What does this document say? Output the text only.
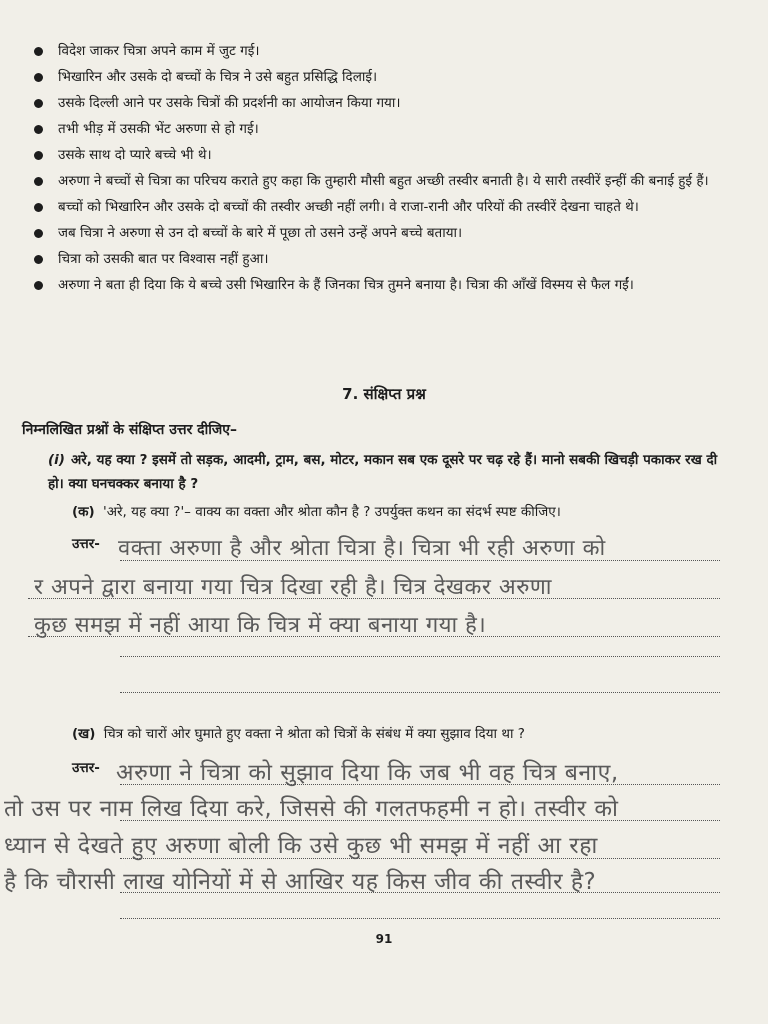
विदेश जाकर चित्रा अपने काम में जुट गई।
भिखारिन और उसके दो बच्चों के चित्र ने उसे बहुत प्रसिद्धि दिलाई।
उसके दिल्ली आने पर उसके चित्रों की प्रदर्शनी का आयोजन किया गया।
तभी भीड़ में उसकी भेंट अरुणा से हो गई।
उसके साथ दो प्यारे बच्चे भी थे।
अरुणा ने बच्चों से चित्रा का परिचय कराते हुए कहा कि तुम्हारी मौसी बहुत अच्छी तस्वीर बनाती है। ये सारी तस्वीरें इन्हीं की बनाई हुई हैं।
बच्चों को भिखारिन और उसके दो बच्चों की तस्वीर अच्छी नहीं लगी। वे राजा-रानी और परियों की तस्वीरें देखना चाहते थे।
जब चित्रा ने अरुणा से उन दो बच्चों के बारे में पूछा तो उसने उन्हें अपने बच्चे बताया।
चित्रा को उसकी बात पर विश्वास नहीं हुआ।
अरुणा ने बता ही दिया कि ये बच्चे उसी भिखारिन के हैं जिनका चित्र तुमने बनाया है। चित्रा की आँखें विस्मय से फैल गईं।
7. संक्षिप्त प्रश्न
निम्नलिखित प्रश्नों के संक्षिप्त उत्तर दीजिए–
(i) अरे, यह क्या ? इसमें तो सड़क, आदमी, ट्राम, बस, मोटर, मकान सब एक दूसरे पर चढ़ रहे हैं। मानो सबकी खिचड़ी पकाकर रख दी हो। क्या घनचक्कर बनाया है ?
(क) 'अरे, यह क्या ?'– वाक्य का वक्ता और श्रोता कौन है ? उपर्युक्त कथन का संदर्भ स्पष्ट कीजिए।
उत्तर- वक्ता अरुणा है और श्रोता चित्रा है। चित्रा भी रही अरुणा को
र अपने द्वारा बनाया गया चित्र दिखा रही है। चित्र देखकर अरुणा
कुछ समझ में नहीं आया कि चित्र में क्या बनाया गया है।
(ख) चित्र को चारों ओर घुमाते हुए वक्ता ने श्रोता को चित्रों के संबंध में क्या सुझाव दिया था ?
उत्तर- अरुणा ने चित्रा को सुझाव दिया कि जब भी वह चित्र बनाए,
तो उस पर नाम लिख दिया करे, जिससे की गलतफहमी न हो। तस्वीर को
ध्यान से देखते हुए अरुणा बोली कि उसे कुछ भी समझ में नहीं आ रहा
है कि चौरासी लाख योनियों में से आखिर यह किस जीव की तस्वीर है?
91
